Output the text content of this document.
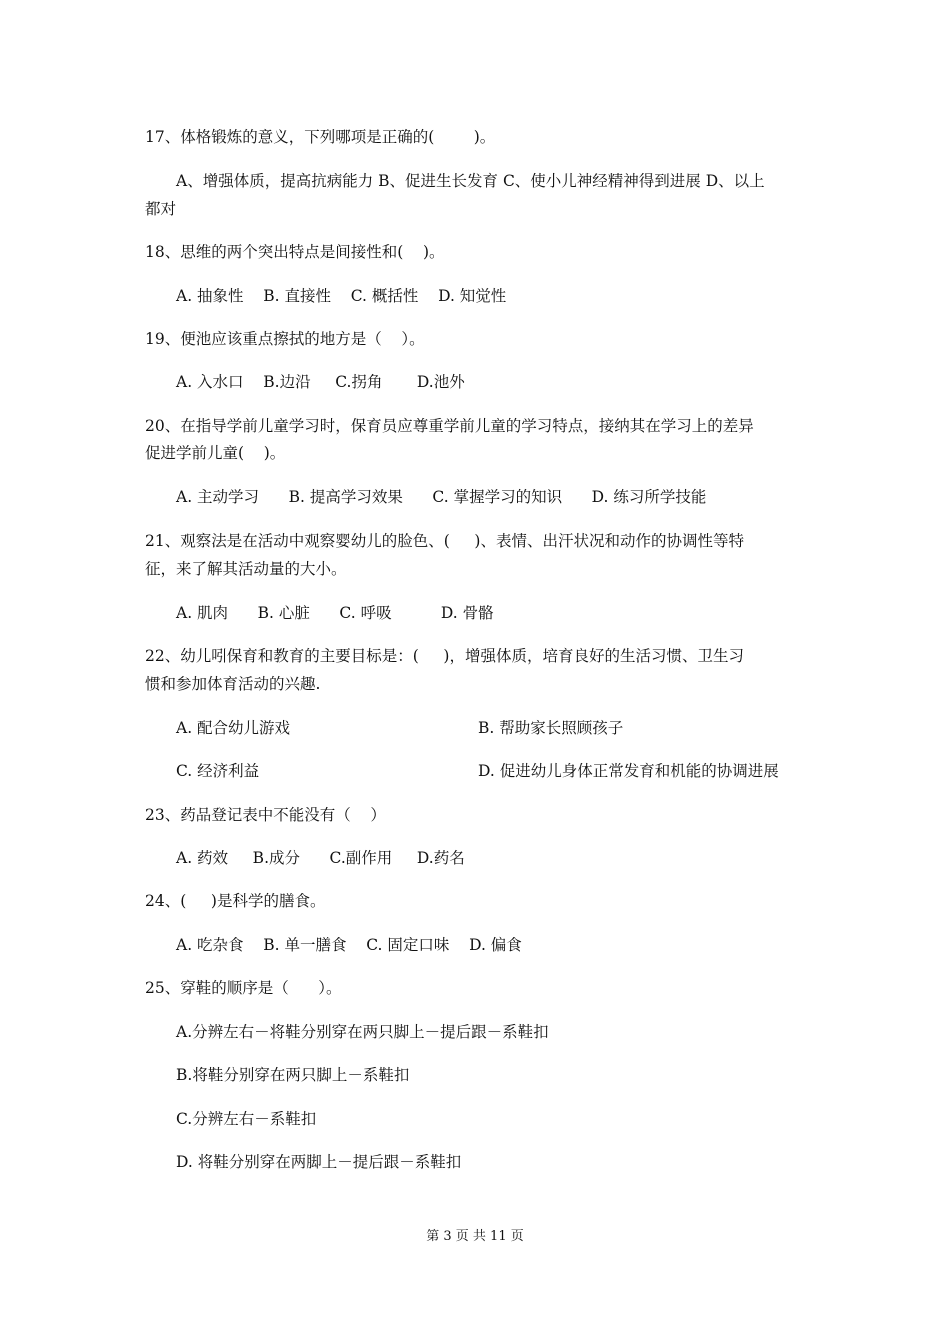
17、体格锻炼的意义，下列哪项是正确的(        )。
A、增强体质，提高抗病能力 B、促进生长发育 C、使小儿神经精神得到进展 D、以上
都对
18、思维的两个突出特点是间接性和(    )。
A. 抽象性    B. 直接性    C. 概括性    D. 知觉性
19、便池应该重点擦拭的地方是（    ）。
A. 入水口    B.边沿     C.拐角       D.池外
20、在指导学前儿童学习时，保育员应尊重学前儿童的学习特点，接纳其在学习上的差异
促进学前儿童(    )。
A. 主动学习      B. 提高学习效果      C. 掌握学习的知识      D. 练习所学技能
21、观察法是在活动中观察婴幼儿的脸色、(     )、表情、出汗状况和动作的协调性等特
征，来了解其活动量的大小。
A. 肌肉      B. 心脏      C. 呼吸          D. 骨骼
22、幼儿吲保育和教育的主要目标是：(     )，增强体质，培育良好的生活习惯、卫生习
惯和参加体育活动的兴趣.
A. 配合幼儿游戏	B. 帮助家长照顾孩子
C. 经济利益	D. 促进幼儿身体正常发育和机能的协调进展
23、药品登记表中不能没有（    ）
A. 药效     B.成分      C.副作用     D.药名
24、(     )是科学的膳食。
A. 吃杂食    B. 单一膳食    C. 固定口味    D. 偏食
25、穿鞋的顺序是（      ）。
A.分辨左右－将鞋分别穿在两只脚上－提后跟－系鞋扣
B.将鞋分别穿在两只脚上－系鞋扣
C.分辨左右－系鞋扣
D. 将鞋分别穿在两脚上－提后跟－系鞋扣
第 3 页 共 11 页
